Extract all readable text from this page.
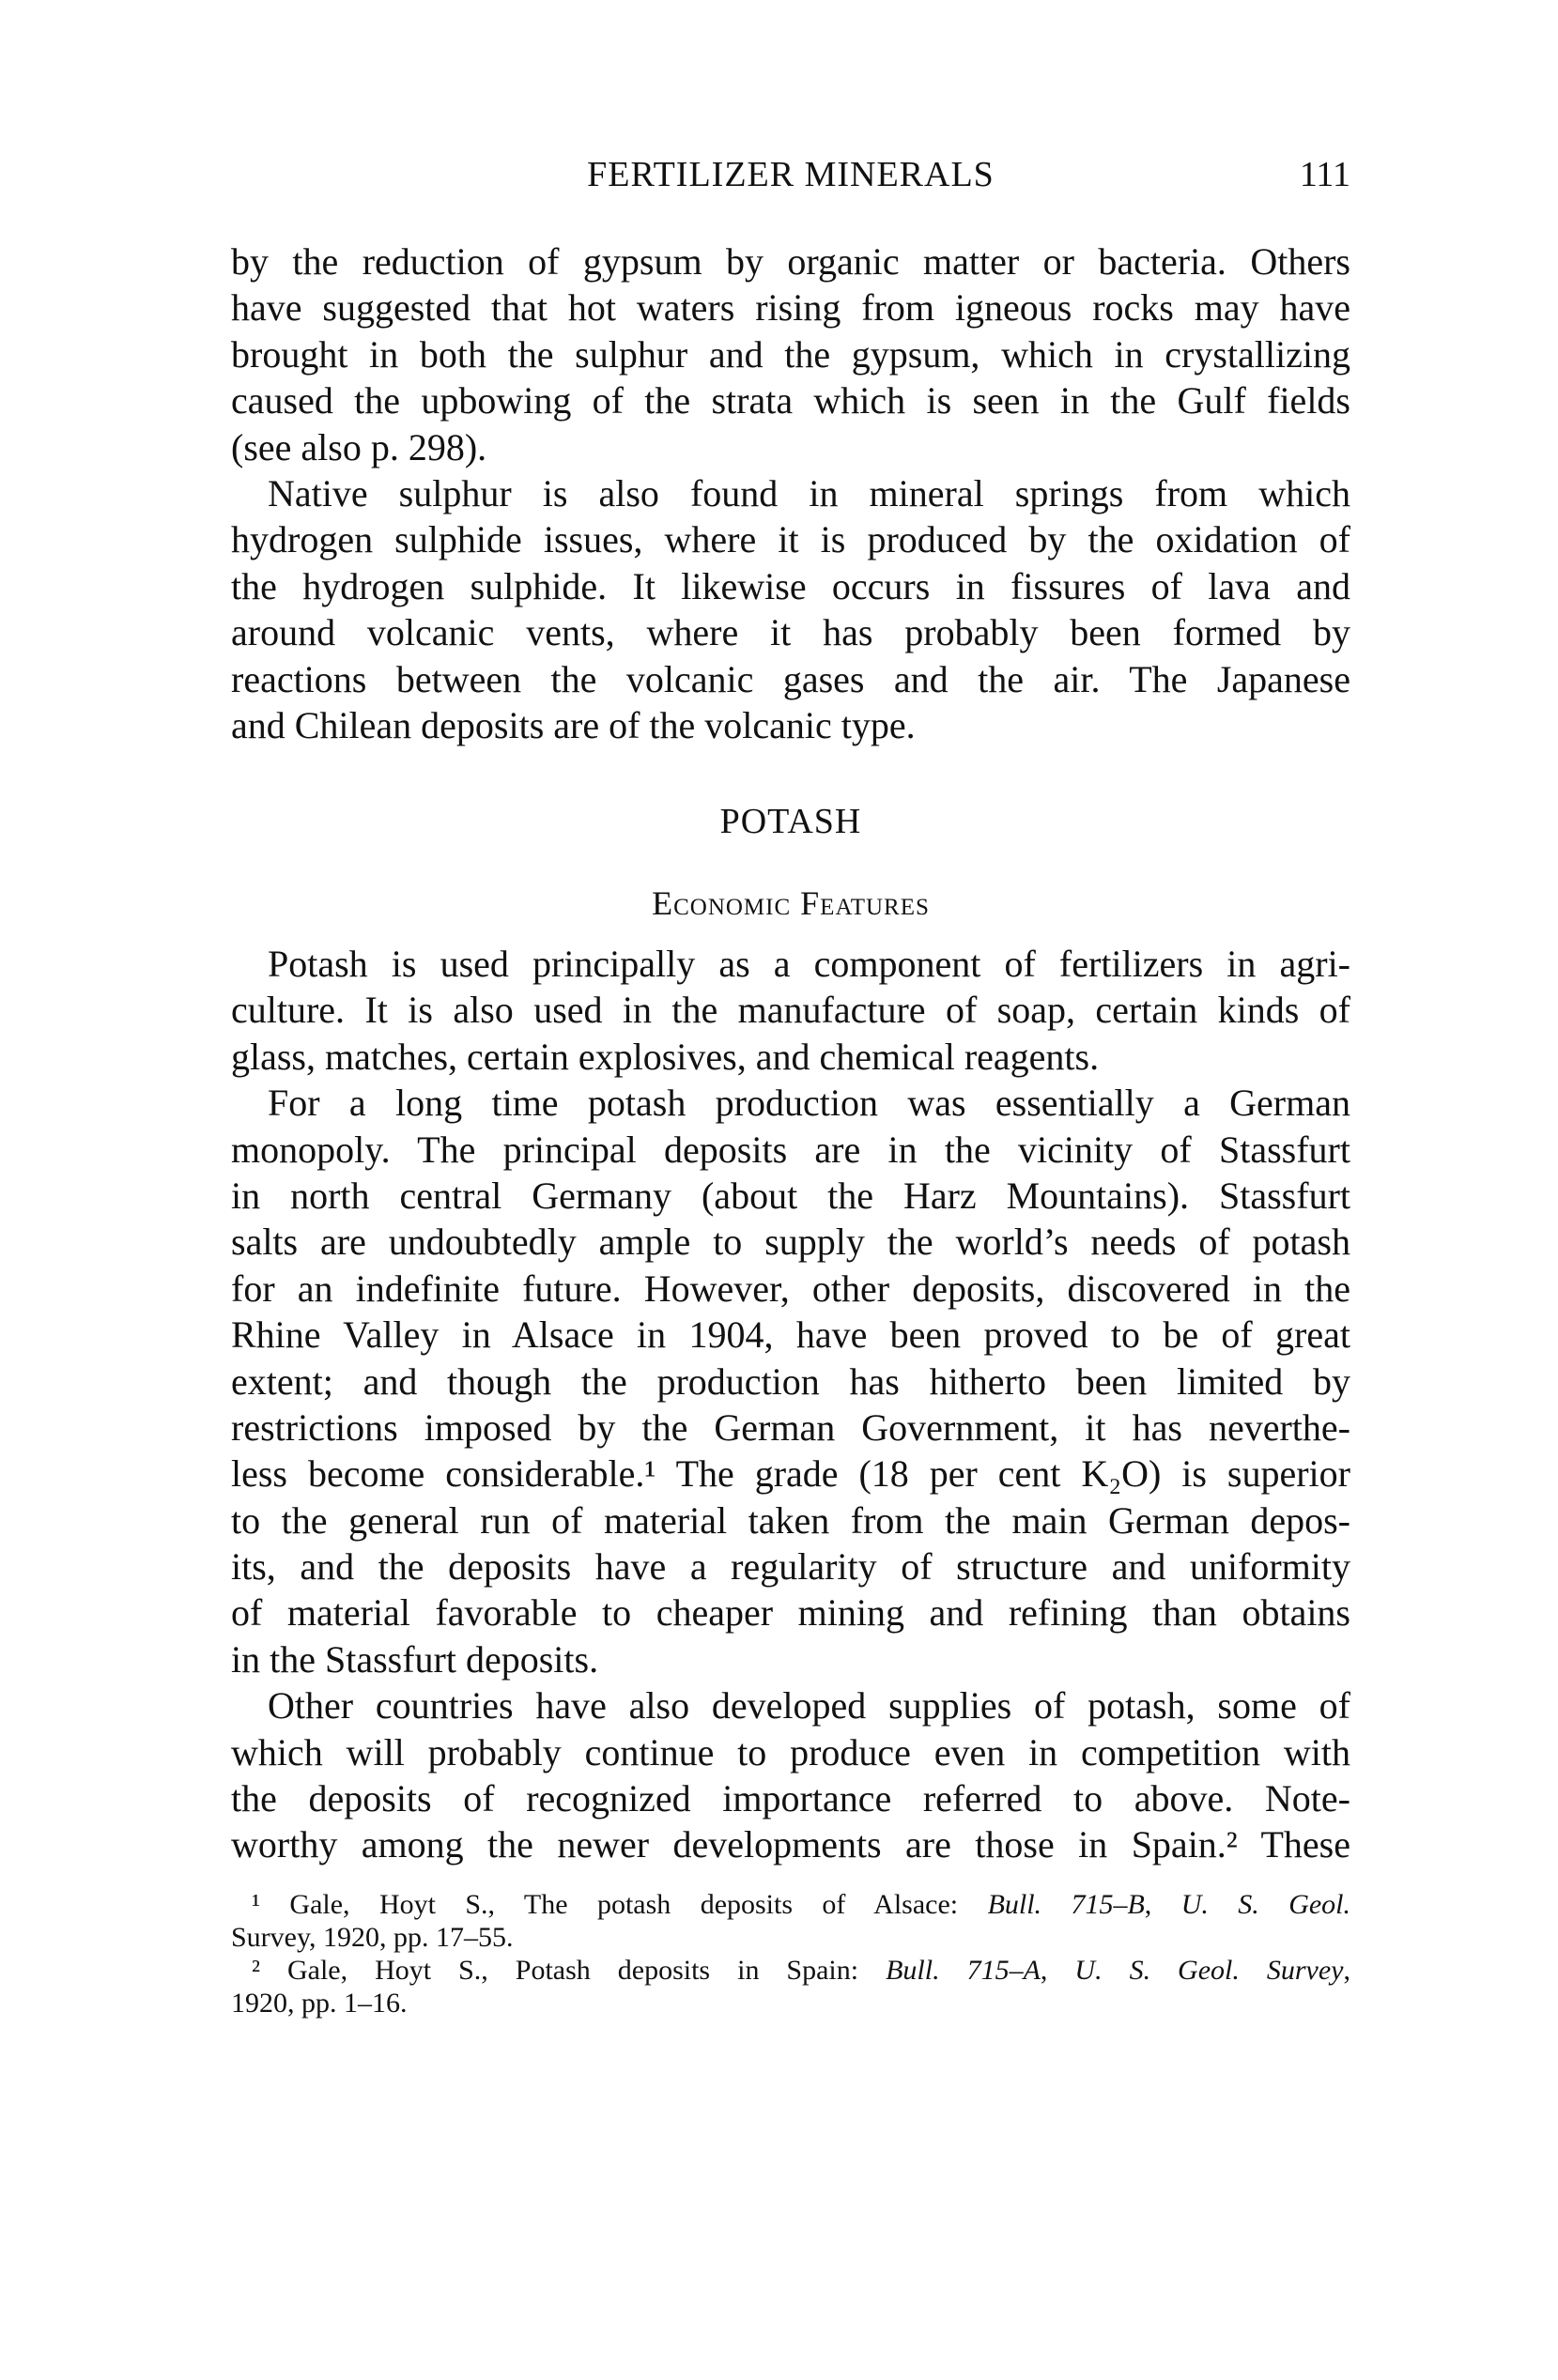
FERTILIZER MINERALS	111
by the reduction of gypsum by organic matter or bacteria. Others
have suggested that hot waters rising from igneous rocks may have
brought in both the sulphur and the gypsum, which in crystallizing
caused the upbowing of the strata which is seen in the Gulf fields
(see also p. 298).
Native sulphur is also found in mineral springs from which
hydrogen sulphide issues, where it is produced by the oxidation of
the hydrogen sulphide. It likewise occurs in fissures of lava and
around volcanic vents, where it has probably been formed by
reactions between the volcanic gases and the air. The Japanese
and Chilean deposits are of the volcanic type.
POTASH
Economic Features
Potash is used principally as a component of fertilizers in agri-
culture. It is also used in the manufacture of soap, certain kinds of
glass, matches, certain explosives, and chemical reagents.
For a long time potash production was essentially a German
monopoly. The principal deposits are in the vicinity of Stassfurt
in north central Germany (about the Harz Mountains). Stassfurt
salts are undoubtedly ample to supply the world’s needs of potash
for an indefinite future. However, other deposits, discovered in the
Rhine Valley in Alsace in 1904, have been proved to be of great
extent; and though the production has hitherto been limited by
restrictions imposed by the German Government, it has neverthe-
less become considerable.¹ The grade (18 per cent K₂O) is superior
to the general run of material taken from the main German depos-
its, and the deposits have a regularity of structure and uniformity
of material favorable to cheaper mining and refining than obtains
in the Stassfurt deposits.
Other countries have also developed supplies of potash, some of
which will probably continue to produce even in competition with
the deposits of recognized importance referred to above. Note-
worthy among the newer developments are those in Spain.² These
¹ Gale, Hoyt S., The potash deposits of Alsace: Bull. 715–B, U. S. Geol.
Survey, 1920, pp. 17–55.
² Gale, Hoyt S., Potash deposits in Spain: Bull. 715–A, U. S. Geol. Survey,
1920, pp. 1–16.
